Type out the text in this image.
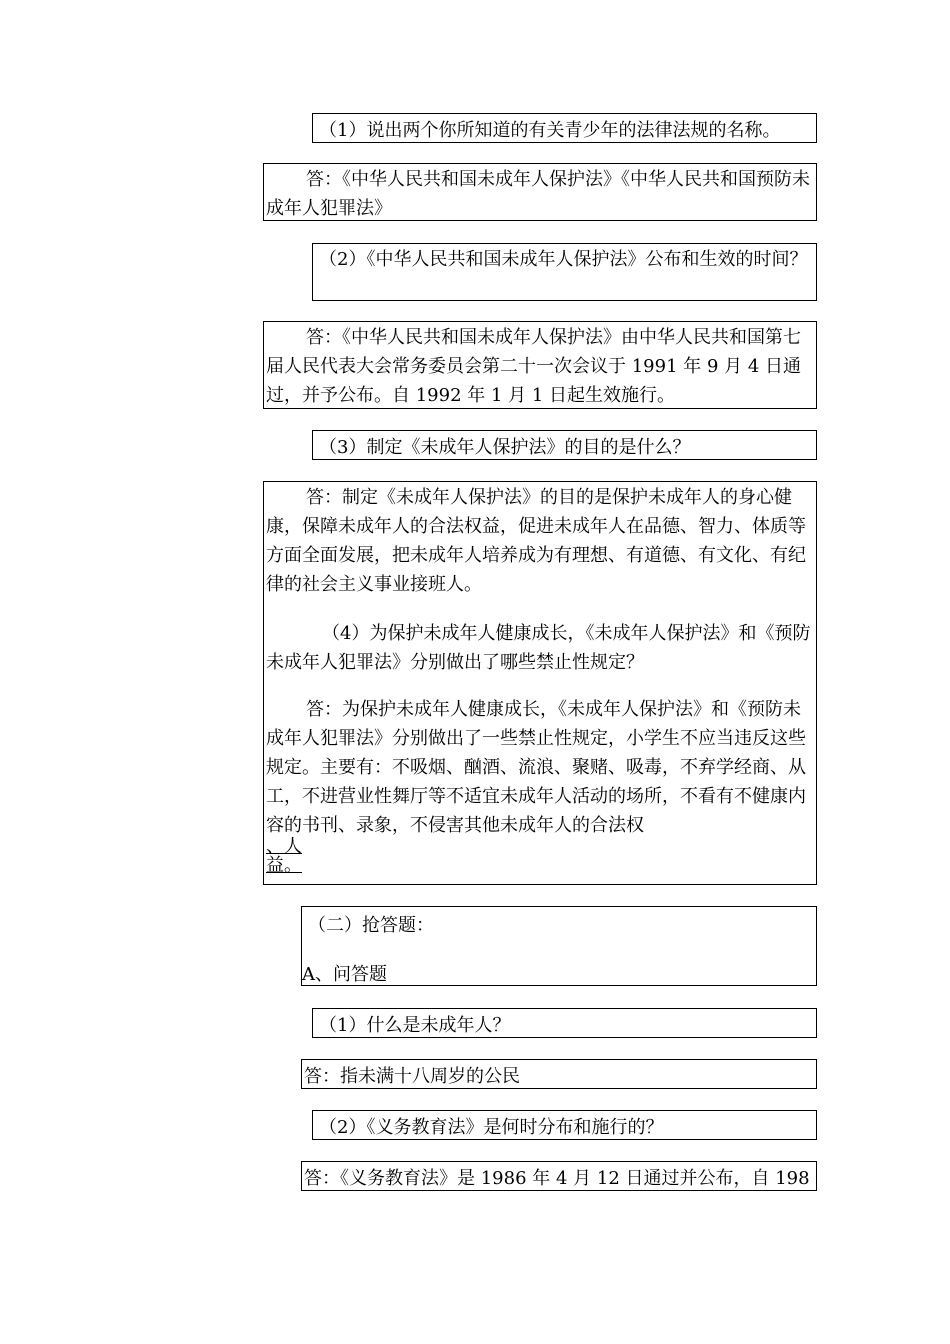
（1）说出两个你所知道的有关青少年的法律法规的名称。

答：《中华人民共和国未成年人保护法》《中华人民共和国预防未成年人犯罪法》

（2）《中华人民共和国未成年人保护法》公布和生效的时间？

答：《中华人民共和国未成年人保护法》由中华人民共和国第七届人民代表大会常务委员会第二十一次会议于 1991 年 9 月 4 日通过，并予公布。自 1992 年 1 月 1 日起生效施行。

（3）制定《未成年人保护法》的目的是什么？

答：制定《未成年人保护法》的目的是保护未成年人的身心健康，保障未成年人的合法权益，促进未成年人在品德、智力、体质等方面全面发展，把未成年人培养成为有理想、有道德、有文化、有纪律的社会主义事业接班人。

（4）为保护未成年人健康成长，《未成年人保护法》和《预防未成年人犯罪法》分别做出了哪些禁止性规定？

答：为保护未成年人健康成长，《未成年人保护法》和《预防未成年人犯罪法》分别做出了一些禁止性规定，小学生不应当违反这些规定。主要有：不吸烟、酗酒、流浪、聚赌、吸毒，不弃学经商、从工，不进营业性舞厅等不适宜未成年人活动的场所，不看有不健康内容的书刊、录象，不侵害其他未成年人的合法权

、人

益。

（二）抢答题：

A、问答题

（1）什么是未成年人？

答：指未满十八周岁的公民

（2）《义务教育法》是何时分布和施行的？

答：《义务教育法》是 1986 年 4 月 12 日通过并公布，自 198
